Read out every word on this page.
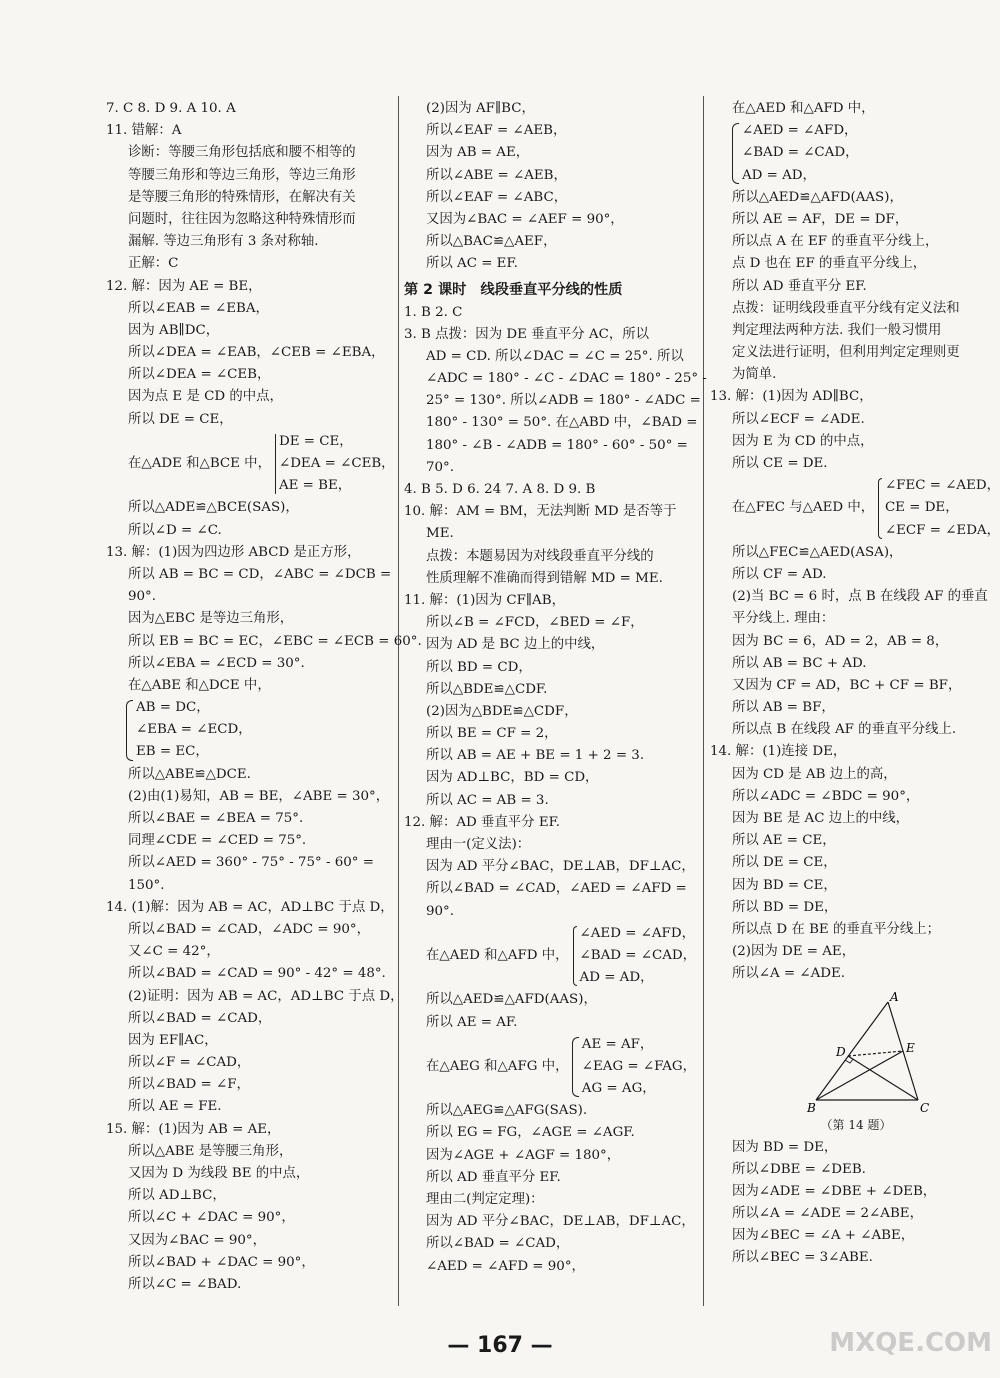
7. C 8. D 9. A 10. A
11. 错解：A
诊断：等腰三角形包括底和腰不相等的
等腰三角形和等边三角形，等边三角形
是等腰三角形的特殊情形，在解决有关
问题时，往往因为忽略这种特殊情形而
漏解. 等边三角形有 3 条对称轴.
正解：C
12. 解：因为 AE = BE，
所以∠EAB = ∠EBA，
因为 AB∥DC，
所以∠DEA = ∠EAB，∠CEB = ∠EBA，
所以∠DEA = ∠CEB，
因为点 E 是 CD 的中点，
所以 DE = CE，
在△ADE 和△BCE 中，
DE = CE，
∠DEA = ∠CEB，
AE = BE，
所以△ADE≌△BCE(SAS)，
所以∠D = ∠C.
13. 解：(1)因为四边形 ABCD 是正方形，
所以 AB = BC = CD，∠ABC = ∠DCB =
90°.
因为△EBC 是等边三角形，
所以 EB = BC = EC，∠EBC = ∠ECB = 60°.
所以∠EBA = ∠ECD = 30°.
在△ABE 和△DCE 中，
AB = DC，
∠EBA = ∠ECD，
EB = EC，
所以△ABE≌△DCE.
(2)由(1)易知，AB = BE，∠ABE = 30°，
所以∠BAE = ∠BEA = 75°.
同理∠CDE = ∠CED = 75°.
所以∠AED = 360° - 75° - 75° - 60° =
150°.
14. (1)解：因为 AB = AC，AD⊥BC 于点 D，
所以∠BAD = ∠CAD，∠ADC = 90°，
又∠C = 42°，
所以∠BAD = ∠CAD = 90° - 42° = 48°.
(2)证明：因为 AB = AC，AD⊥BC 于点 D，
所以∠BAD = ∠CAD，
因为 EF∥AC，
所以∠F = ∠CAD，
所以∠BAD = ∠F，
所以 AE = FE.
15. 解：(1)因为 AB = AE，
所以△ABE 是等腰三角形，
又因为 D 为线段 BE 的中点，
所以 AD⊥BC，
所以∠C + ∠DAC = 90°，
又因为∠BAC = 90°，
所以∠BAD + ∠DAC = 90°，
所以∠C = ∠BAD.
(2)因为 AF∥BC，
所以∠EAF = ∠AEB，
因为 AB = AE，
所以∠ABE = ∠AEB，
所以∠EAF = ∠ABC，
又因为∠BAC = ∠AEF = 90°，
所以△BAC≌△AEF，
所以 AC = EF.
第 2 课时　线段垂直平分线的性质
1. B 2. C
3. B 点拨：因为 DE 垂直平分 AC，所以
AD = CD. 所以∠DAC = ∠C = 25°. 所以
∠ADC = 180° - ∠C - ∠DAC = 180° - 25° -
25° = 130°. 所以∠ADB = 180° - ∠ADC =
180° - 130° = 50°. 在△ABD 中，∠BAD =
180° - ∠B - ∠ADB = 180° - 60° - 50° =
70°.
4. B 5. D 6. 24 7. A 8. D 9. B
10. 解：AM = BM，无法判断 MD 是否等于
ME.
点拨：本题易因为对线段垂直平分线的
性质理解不准确而得到错解 MD = ME.
11. 解：(1)因为 CF∥AB，
所以∠B = ∠FCD，∠BED = ∠F，
因为 AD 是 BC 边上的中线，
所以 BD = CD，
所以△BDE≌△CDF.
(2)因为△BDE≌△CDF，
所以 BE = CF = 2，
所以 AB = AE + BE = 1 + 2 = 3.
因为 AD⊥BC，BD = CD，
所以 AC = AB = 3.
12. 解：AD 垂直平分 EF.
理由一(定义法)：
因为 AD 平分∠BAC，DE⊥AB，DF⊥AC，
所以∠BAD = ∠CAD，∠AED = ∠AFD =
90°.
在△AED 和△AFD 中，
∠AED = ∠AFD，
∠BAD = ∠CAD，
AD = AD，
所以△AED≌△AFD(AAS)，
所以 AE = AF.
在△AEG 和△AFG 中，
AE = AF，
∠EAG = ∠FAG，
AG = AG，
所以△AEG≌△AFG(SAS).
所以 EG = FG，∠AGE = ∠AGF.
因为∠AGE + ∠AGF = 180°，
所以 AD 垂直平分 EF.
理由二(判定定理)：
因为 AD 平分∠BAC，DE⊥AB，DF⊥AC，
所以∠BAD = ∠CAD，
∠AED = ∠AFD = 90°，
在△AED 和△AFD 中，
∠AED = ∠AFD，
∠BAD = ∠CAD，
AD = AD，
所以△AED≌△AFD(AAS)，
所以 AE = AF，DE = DF，
所以点 A 在 EF 的垂直平分线上，
点 D 也在 EF 的垂直平分线上，
所以 AD 垂直平分 EF.
点拨：证明线段垂直平分线有定义法和
判定理法两种方法. 我们一般习惯用
定义法进行证明，但利用判定定理则更
为简单.
13. 解：(1)因为 AD∥BC，
所以∠ECF = ∠ADE.
因为 E 为 CD 的中点，
所以 CE = DE.
在△FEC 与△AED 中，
∠FEC = ∠AED，
CE = DE，
∠ECF = ∠EDA，
所以△FEC≌△AED(ASA)，
所以 CF = AD.
(2)当 BC = 6 时，点 B 在线段 AF 的垂直
平分线上. 理由：
因为 BC = 6，AD = 2，AB = 8，
所以 AB = BC + AD.
又因为 CF = AD，BC + CF = BF，
所以 AB = BF，
所以点 B 在线段 AF 的垂直平分线上.
14. 解：(1)连接 DE，
因为 CD 是 AB 边上的高，
所以∠ADC = ∠BDC = 90°，
因为 BE 是 AC 边上的中线，
所以 AE = CE，
所以 DE = CE，
因为 BD = CE，
所以 BD = DE，
所以点 D 在 BE 的垂直平分线上；
(2)因为 DE = AE，
所以∠A = ∠ADE.
A
B	C
D	E
（第 14 题）
因为 BD = DE，
所以∠DBE = ∠DEB.
因为∠ADE = ∠DBE + ∠DEB，
所以∠A = ∠ADE = 2∠ABE，
因为∠BEC = ∠A + ∠ABE，
所以∠BEC = 3∠ABE.
— 167 —	MXQE.COM
